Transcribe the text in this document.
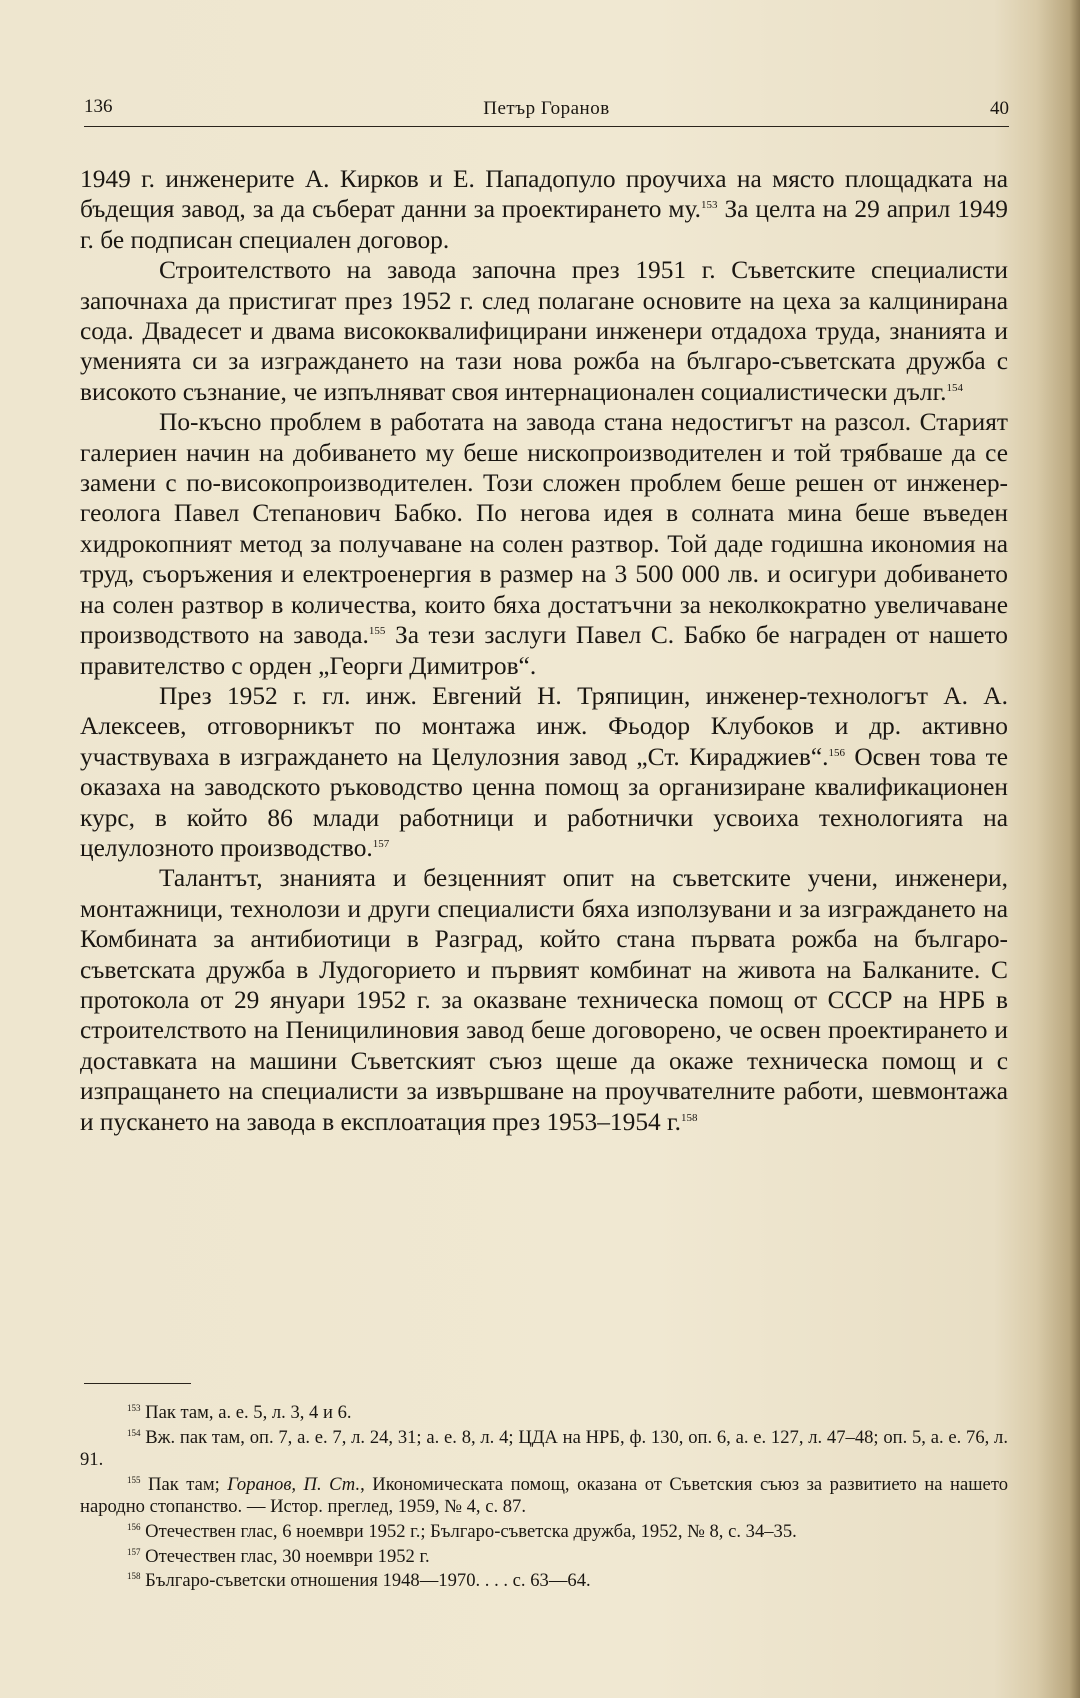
136	Петър Горанов	40

1949 г. инженерите А. Кирков и Е. Пападопуло проучиха на място площадката на бъдещия завод, за да съберат данни за проектирането му.$^{153}$ За целта на 29 април 1949 г. бе подписан специален договор.

Строителството на завода започна през 1951 г. Съветските специалисти започнаха да пристигат през 1952 г. след полагане основите на цеха за калцинирана сода. Двадесет и двама висококвалифицирани инженери отдадоха труда, знанията и уменията си за изграждането на тази нова рожба на българо-съветската дружба с високото съзнание, че изпълняват своя интернационален социалистически дълг.$^{154}$

По-късно проблем в работата на завода стана недостигът на разсол. Старият галериен начин на добиването му беше нископроизводителен и той трябваше да се замени с по-високопроизводителен. Този сложен проблем беше решен от инженер-геолога Павел Степанович Бабко. По негова идея в солната мина беше въведен хидрокопният метод за получаване на солен разтвор. Той даде годишна икономия на труд, съоръжения и електроенергия в размер на 3 500 000 лв. и осигури добиването на солен разтвор в количества, които бяха достатъчни за неколкократно увеличаване производството на завода.$^{155}$ За тези заслуги Павел С. Бабко бе награден от нашето правителство с орден „Георги Димитров“.

През 1952 г. гл. инж. Евгений Н. Тряпицин, инженер-технологът А. А. Алексеев, отговорникът по монтажа инж. Фьодор Клубоков и др. активно участвуваха в изграждането на Целулозния завод „Ст. Кираджиев“.$^{156}$ Освен това те оказаха на заводското ръководство ценна помощ за организиране квалификационен курс, в който 86 млади работници и работнички усвоиха технологията на целулозното производство.$^{157}$

Талантът, знанията и безценният опит на съветските учени, инженери, монтажници, технолози и други специалисти бяха използувани и за изграждането на Комбината за антибиотици в Разград, който стана първата рожба на българо-съветската дружба в Лудогорието и първият комбинат на живота на Балканите. С протокола от 29 януари 1952 г. за оказване техническа помощ от СССР на НРБ в строителството на Пеницилиновия завод беше договорено, че освен проектирането и доставката на машини Съветският съюз щеше да окаже техническа помощ и с изпращането на специалисти за извършване на проучвателните работи, шевмонтажа и пускането на завода в експлоатация през 1953–1954 г.$^{158}$

$^{153}$ Пак там, а. е. 5, л. 3, 4 и 6.

$^{154}$ Вж. пак там, оп. 7, а. е. 7, л. 24, 31; а. е. 8, л. 4; ЦДА на НРБ, ф. 130, оп. 6, а. е. 127, л. 47–48; оп. 5, а. е. 76, л. 91.

$^{155}$ Пак там; Горанов, П. Ст., Икономическата помощ, оказана от Съветския съюз за развитието на нашето народно стопанство. — Истор. преглед, 1959, № 4, с. 87.

$^{156}$ Отечествен глас, 6 ноември 1952 г.; Българо-съветска дружба, 1952, № 8, с. 34–35.

$^{157}$ Отечествен глас, 30 ноември 1952 г.

$^{158}$ Българо-съветски отношения 1948—1970. . . . с. 63—64.
